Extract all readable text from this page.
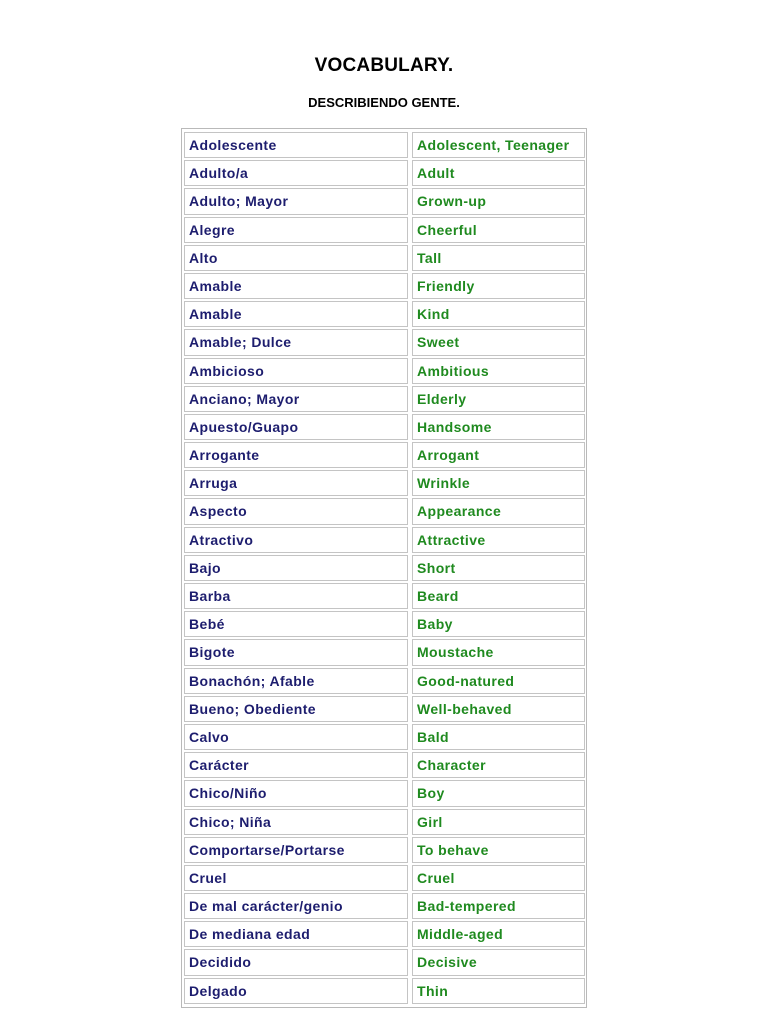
VOCABULARY.
DESCRIBIENDO GENTE.
Adolescente	Adolescent, Teenager
Adulto/a	Adult
Adulto; Mayor	Grown-up
Alegre	Cheerful
Alto	Tall
Amable	Friendly
Amable	Kind
Amable; Dulce	Sweet
Ambicioso	Ambitious
Anciano; Mayor	Elderly
Apuesto/Guapo	Handsome
Arrogante	Arrogant
Arruga	Wrinkle
Aspecto	Appearance
Atractivo	Attractive
Bajo	Short
Barba	Beard
Bebé	Baby
Bigote	Moustache
Bonachón; Afable	Good-natured
Bueno; Obediente	Well-behaved
Calvo	Bald
Carácter	Character
Chico/Niño	Boy
Chico; Niña	Girl
Comportarse/Portarse	To behave
Cruel	Cruel
De mal carácter/genio	Bad-tempered
De mediana edad	Middle-aged
Decidido	Decisive
Delgado	Thin
